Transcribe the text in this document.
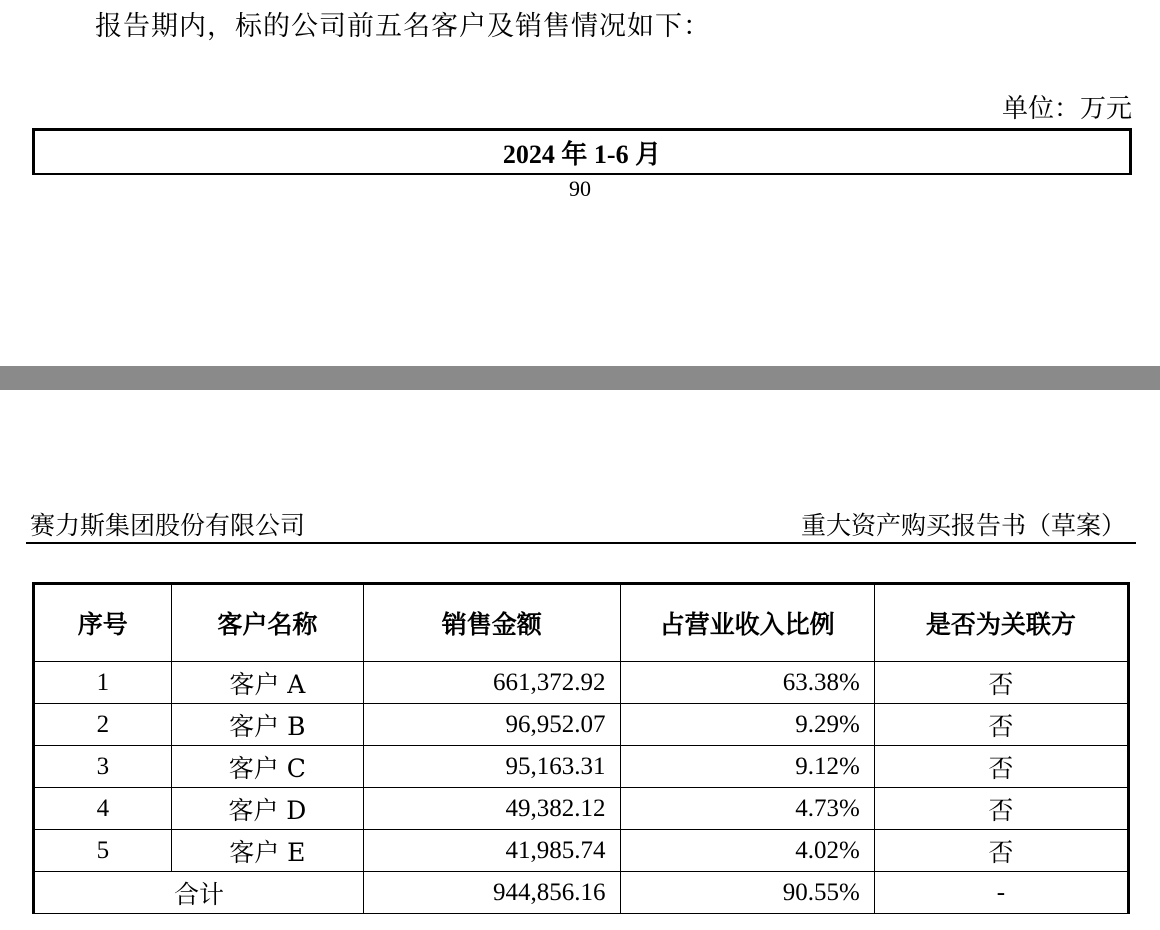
报告期内，标的公司前五名客户及销售情况如下：
单位：万元
2024 年 1-6 月
90
赛力斯集团股份有限公司	重大资产购买报告书（草案）
序号	客户名称	销售金额	占营业收入比例	是否为关联方
1	客户 A	661,372.92	63.38%	否
2	客户 B	96,952.07	9.29%	否
3	客户 C	95,163.31	9.12%	否
4	客户 D	49,382.12	4.73%	否
5	客户 E	41,985.74	4.02%	否
合计		944,856.16	90.55%	-
